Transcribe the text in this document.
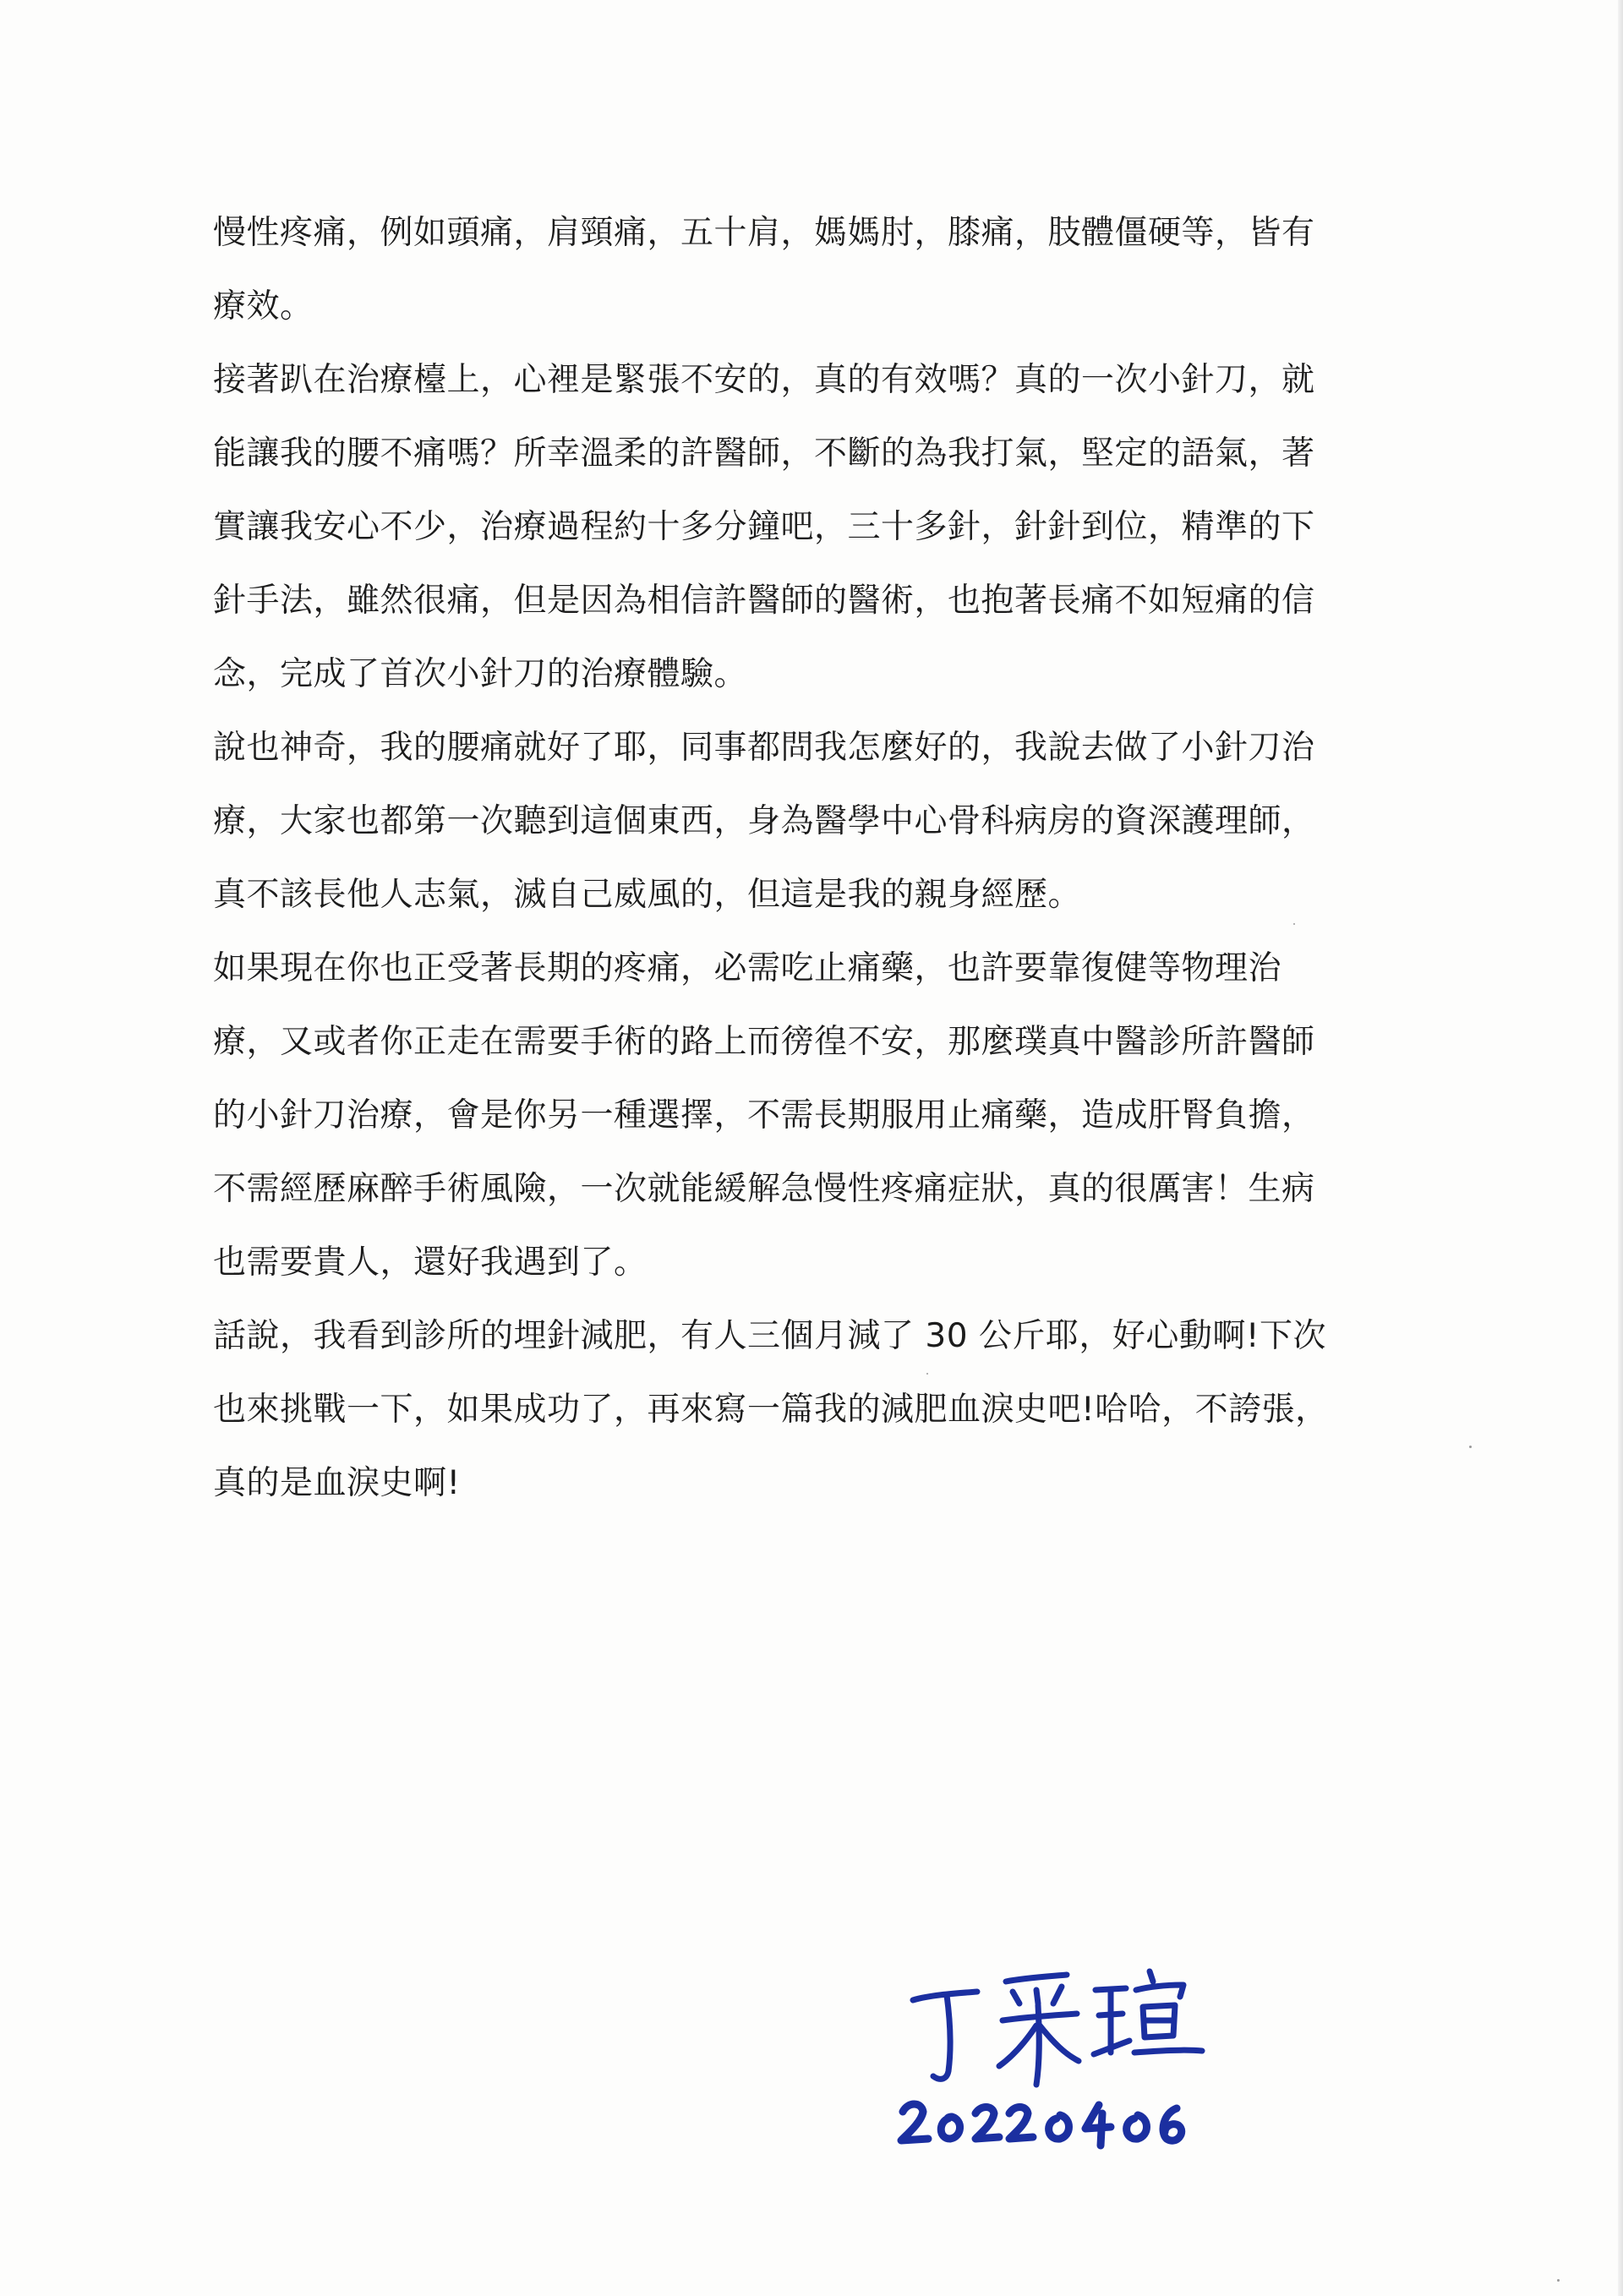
慢性疼痛，例如頭痛，肩頸痛，五十肩，媽媽肘，膝痛，肢體僵硬等，皆有療效。

接著趴在治療檯上，心裡是緊張不安的，真的有效嗎？真的一次小針刀，就能讓我的腰不痛嗎？所幸溫柔的許醫師，不斷的為我打氣，堅定的語氣，著實讓我安心不少，治療過程約十多分鐘吧，三十多針，針針到位，精準的下針手法，雖然很痛，但是因為相信許醫師的醫術，也抱著長痛不如短痛的信念，完成了首次小針刀的治療體驗。

說也神奇，我的腰痛就好了耶，同事都問我怎麼好的，我說去做了小針刀治療，大家也都第一次聽到這個東西，身為醫學中心骨科病房的資深護理師，真不該長他人志氣，滅自己威風的，但這是我的親身經歷。

如果現在你也正受著長期的疼痛，必需吃止痛藥，也許要靠復健等物理治療，又或者你正走在需要手術的路上而徬徨不安，那麼璞真中醫診所許醫師的小針刀治療，會是你另一種選擇，不需長期服用止痛藥，造成肝腎負擔，不需經歷麻醉手術風險，一次就能緩解急慢性疼痛症狀，真的很厲害！生病也需要貴人，還好我遇到了。

話說，我看到診所的埋針減肥，有人三個月減了 30 公斤耶，好心動啊!下次也來挑戰一下，如果成功了，再來寫一篇我的減肥血淚史吧!哈哈，不誇張，真的是血淚史啊!
